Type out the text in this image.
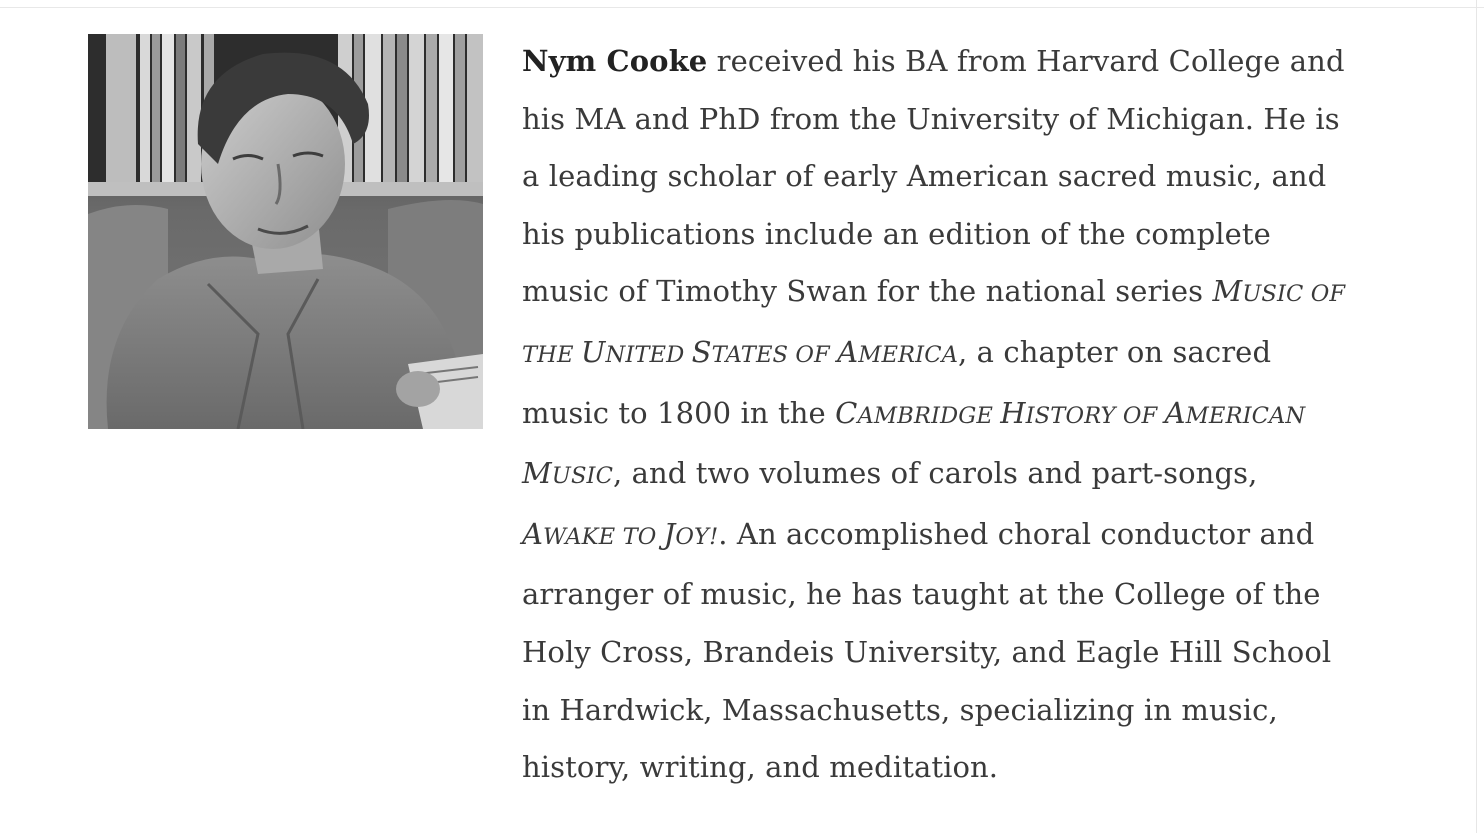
Nym Cooke received his BA from Harvard College and
his MA and PhD from the University of Michigan. He is
a leading scholar of early American sacred music, and
his publications include an edition of the complete
music of Timothy Swan for the national series MUSIC OF
THE UNITED STATES OF AMERICA, a chapter on sacred
music to 1800 in the CAMBRIDGE HISTORY OF AMERICAN
MUSIC, and two volumes of carols and part-songs,
AWAKE TO JOY!. An accomplished choral conductor and
arranger of music, he has taught at the College of the
Holy Cross, Brandeis University, and Eagle Hill School
in Hardwick, Massachusetts, specializing in music,
history, writing, and meditation.
